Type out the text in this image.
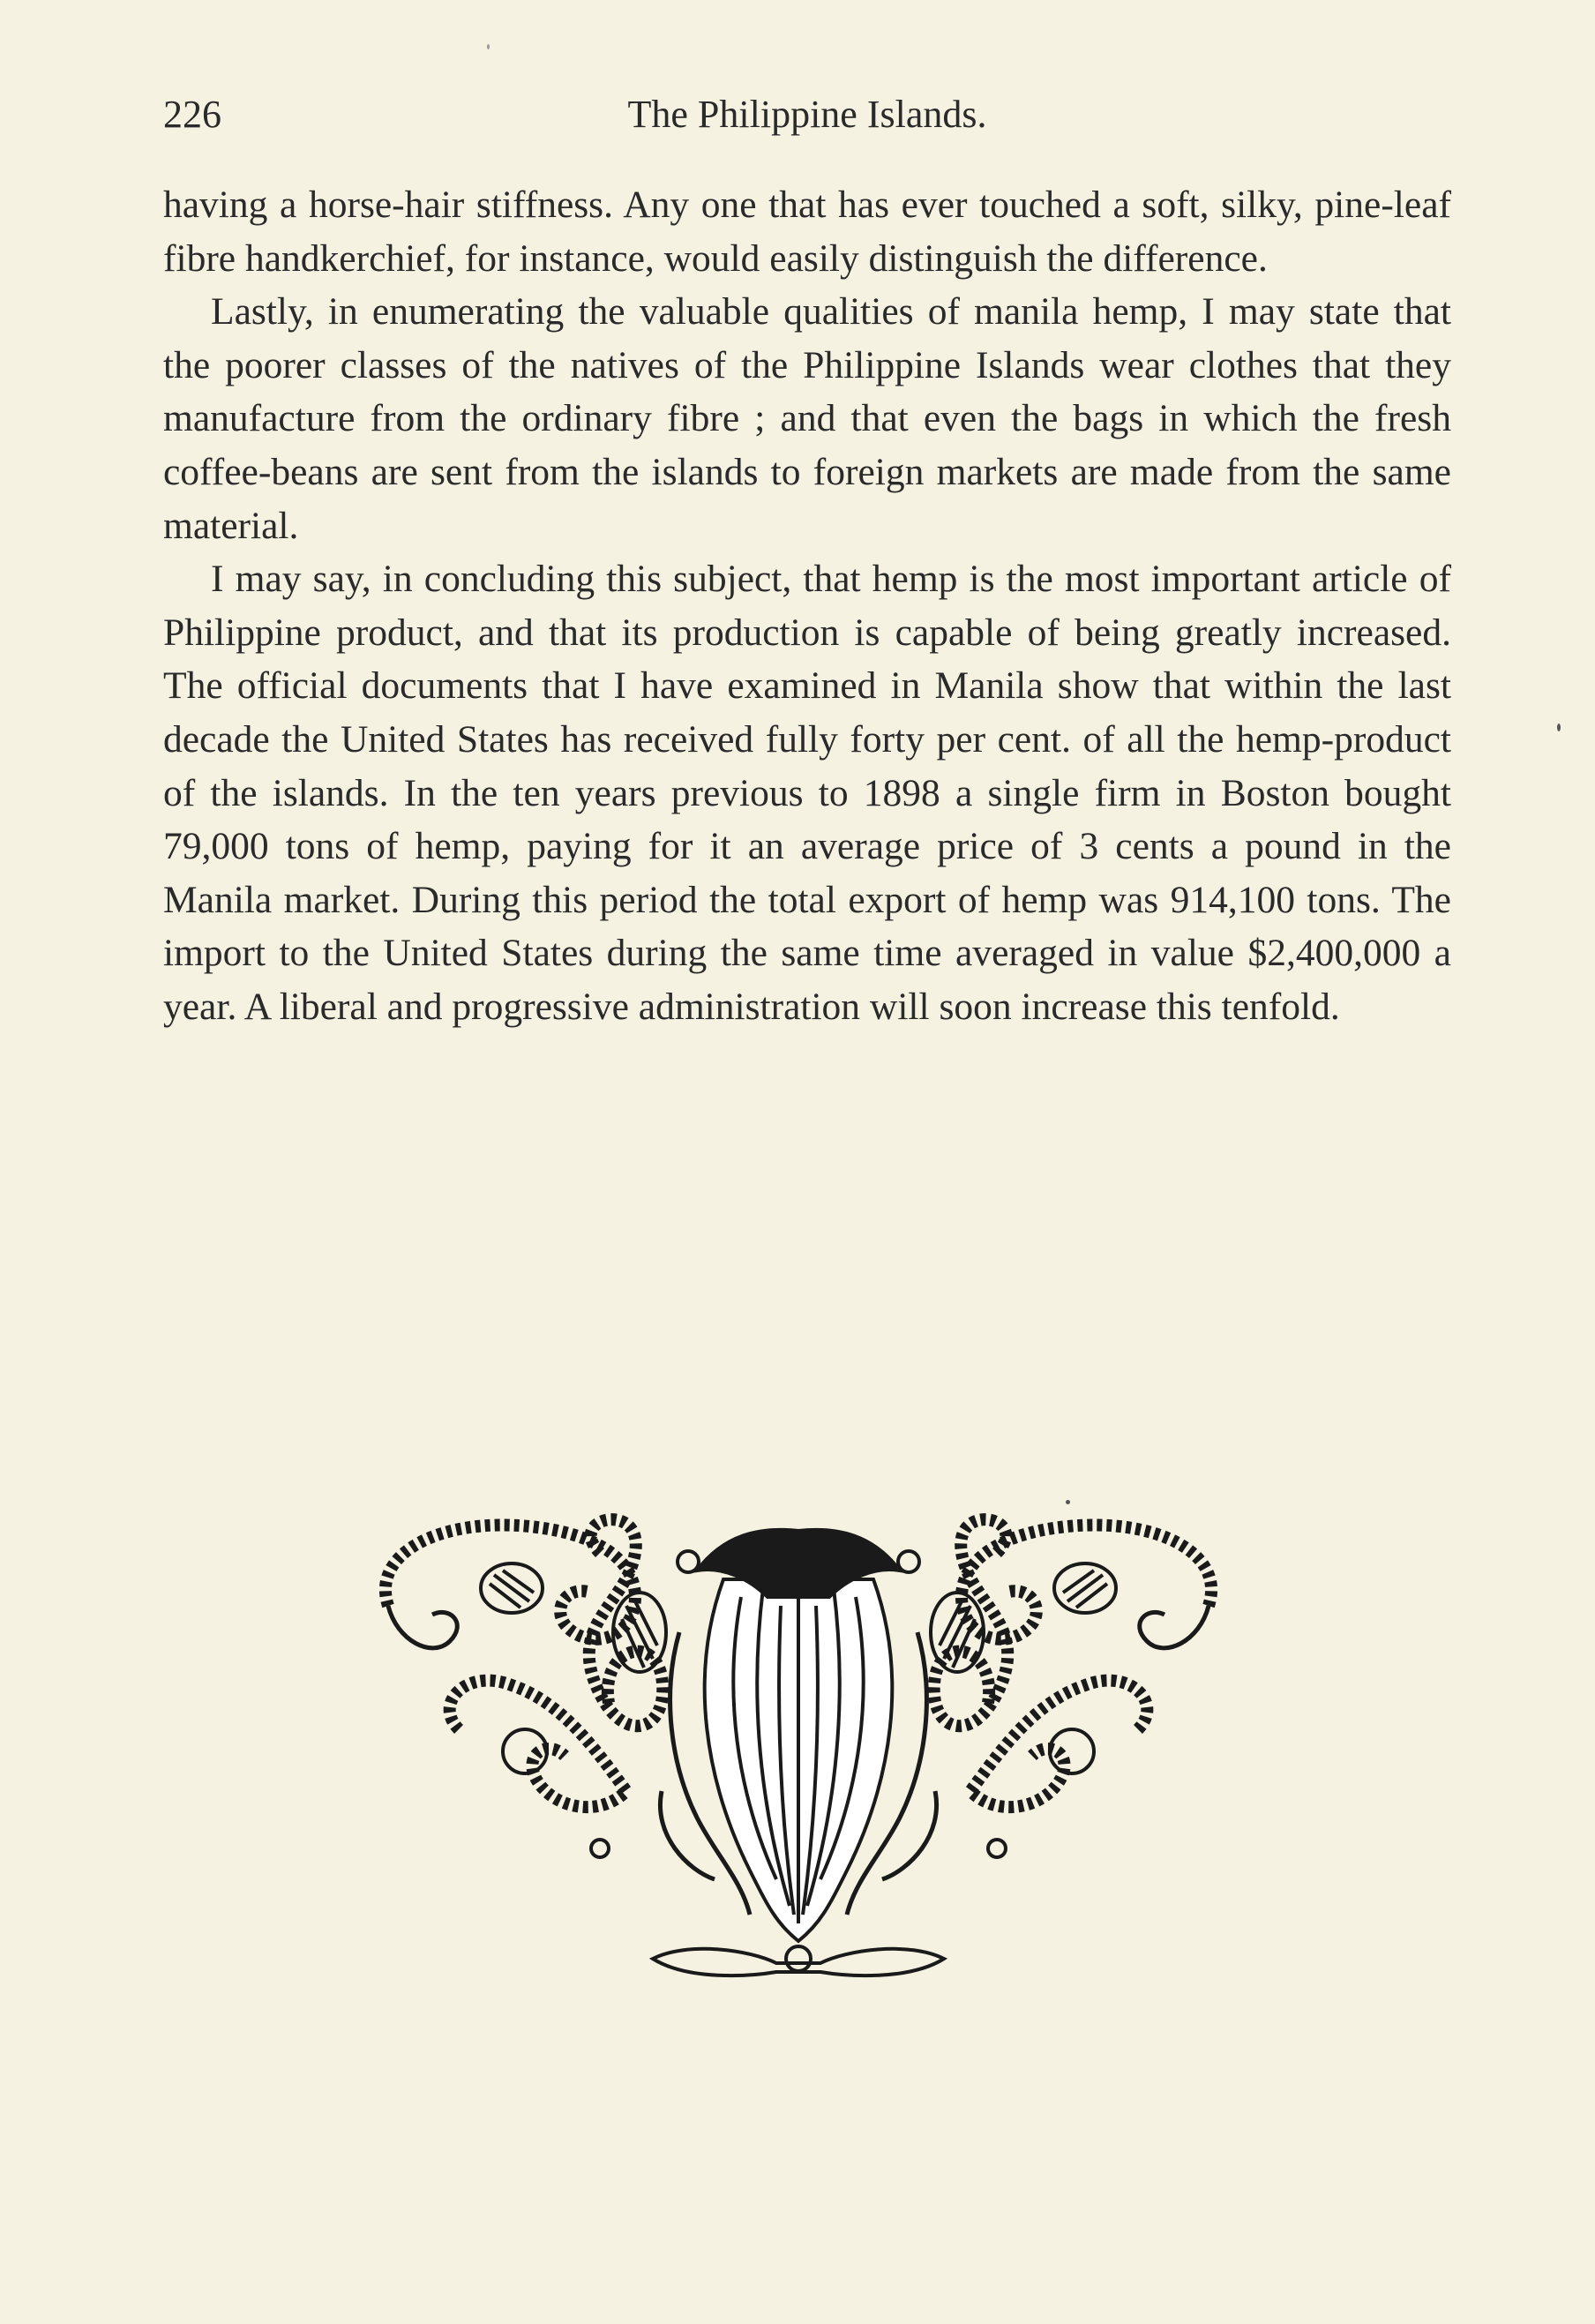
226	The Philippine Islands.

having a horse-hair stiffness. Any one that has ever touched a soft, silky, pine-leaf fibre handkerchief, for instance, would easily distinguish the difference.

Lastly, in enumerating the valuable qualities of manila hemp, I may state that the poorer classes of the natives of the Philippine Islands wear clothes that they manufacture from the ordinary fibre ; and that even the bags in which the fresh coffee-beans are sent from the islands to foreign markets are made from the same material.

I may say, in concluding this subject, that hemp is the most important article of Philippine product, and that its production is capable of being greatly increased. The official documents that I have examined in Manila show that within the last decade the United States has received fully forty per cent. of all the hemp-product of the islands. In the ten years previous to 1898 a single firm in Boston bought 79,000 tons of hemp, paying for it an average price of 3 cents a pound in the Manila market. During this period the total export of hemp was 914,100 tons. The import to the United States during the same time averaged in value $2,400,000 a year. A liberal and progressive administration will soon increase this tenfold.
